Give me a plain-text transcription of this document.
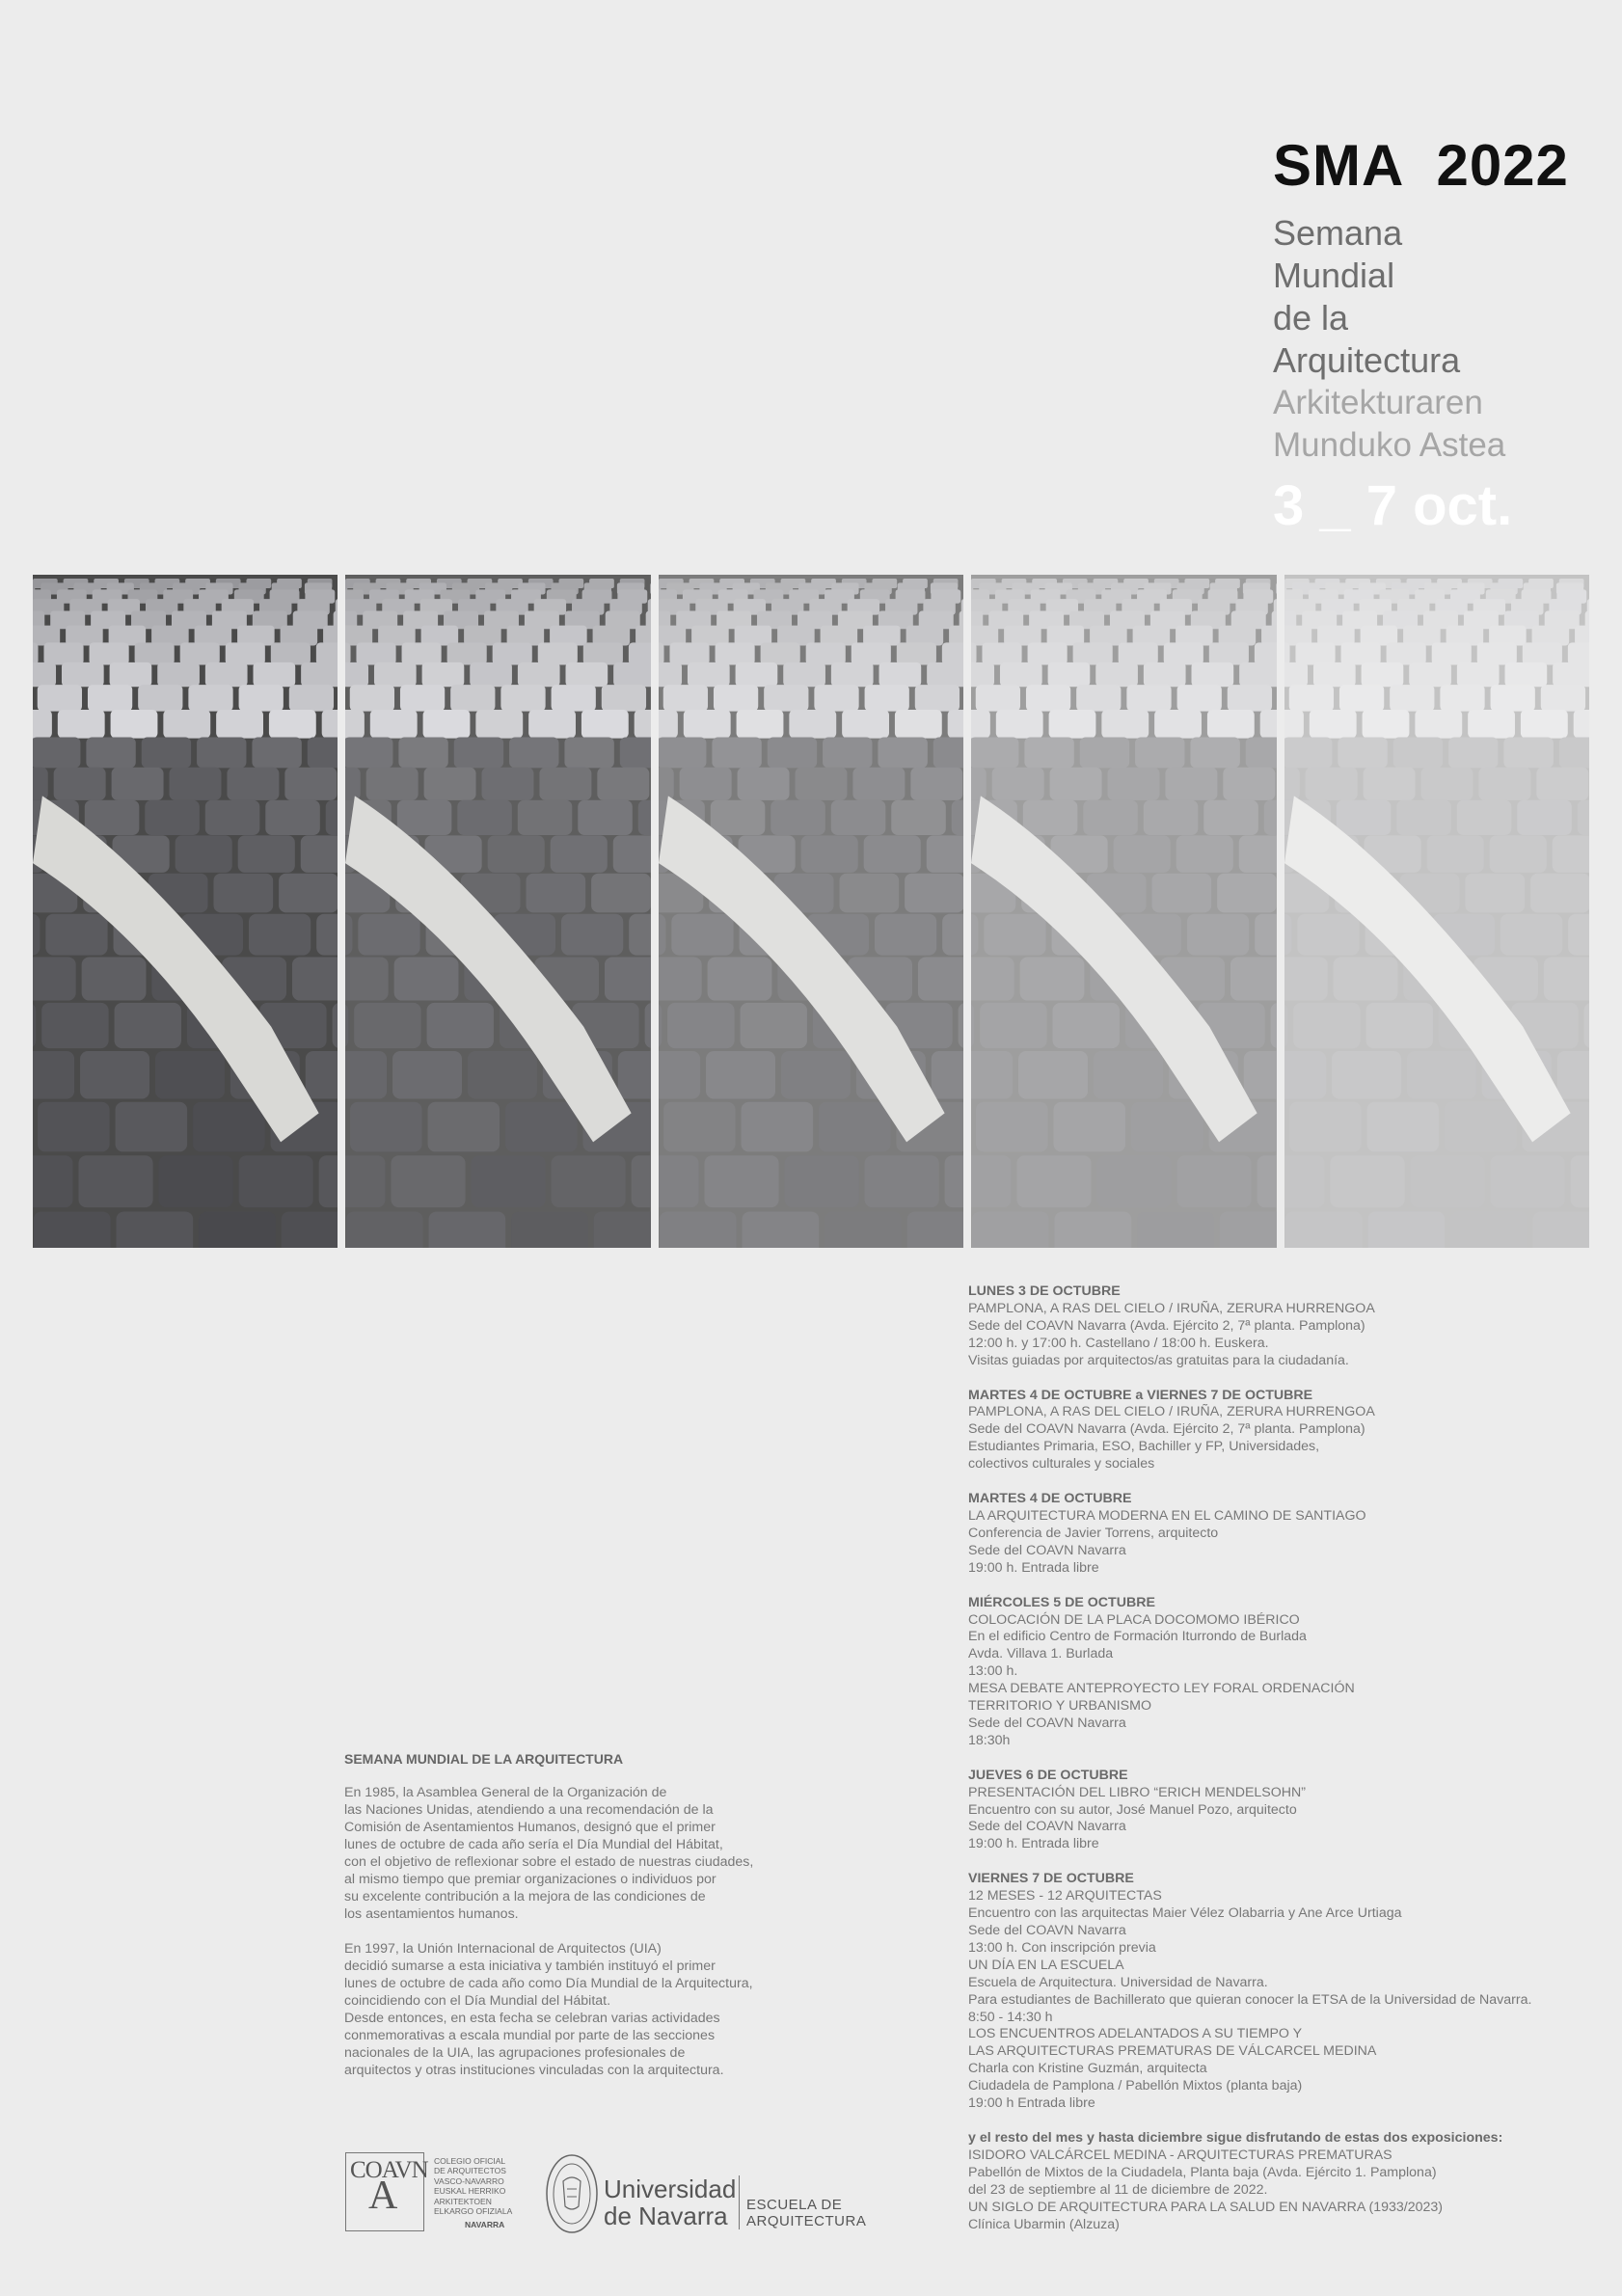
SMA  2022
Semana
Mundial
de la
Arquitectura
Arkitekturaren
Munduko Astea
3 _ 7 oct.
SEMANA MUNDIAL DE LA ARQUITECTURA

En 1985, la Asamblea General de la Organización de
las Naciones Unidas, atendiendo a una recomendación de la
Comisión de Asentamientos Humanos, designó que el primer
lunes de octubre de cada año sería el Día Mundial del Hábitat,
con el objetivo de reflexionar sobre el estado de nuestras ciudades,
al mismo tiempo que premiar organizaciones o individuos por
su excelente contribución a la mejora de las condiciones de
los asentamientos humanos.

En 1997, la Unión Internacional de Arquitectos (UIA)
decidió sumarse a esta iniciativa y también instituyó el primer
lunes de octubre de cada año como Día Mundial de la Arquitectura,
coincidiendo con el Día Mundial del Hábitat.
Desde entonces, en esta fecha se celebran varias actividades
conmemorativas a escala mundial por parte de las secciones
nacionales de la UIA, las agrupaciones profesionales de
arquitectos y otras instituciones vinculadas con la arquitectura.

LUNES 3 DE OCTUBRE
PAMPLONA, A RAS DEL CIELO / IRUÑA, ZERURA HURRENGOA
Sede del COAVN Navarra (Avda. Ejército 2, 7ª planta. Pamplona)
12:00 h. y 17:00 h. Castellano / 18:00 h. Euskera.
Visitas guiadas por arquitectos/as gratuitas para la ciudadanía.
MARTES 4 DE OCTUBRE a VIERNES 7 DE OCTUBRE
PAMPLONA, A RAS DEL CIELO / IRUÑA, ZERURA HURRENGOA
Sede del COAVN Navarra (Avda. Ejército 2, 7ª planta. Pamplona)
Estudiantes Primaria, ESO, Bachiller y FP, Universidades,
colectivos culturales y sociales
MARTES 4 DE OCTUBRE
LA ARQUITECTURA MODERNA EN EL CAMINO DE SANTIAGO
Conferencia de Javier Torrens, arquitecto
Sede del COAVN Navarra
19:00 h. Entrada libre
MIÉRCOLES 5 DE OCTUBRE
COLOCACIÓN DE LA PLACA DOCOMOMO IBÉRICO
En el edificio Centro de Formación Iturrondo de Burlada
Avda. Villava 1. Burlada
13:00 h.
MESA DEBATE ANTEPROYECTO LEY FORAL ORDENACIÓN
TERRITORIO Y URBANISMO
Sede del COAVN Navarra
18:30h
JUEVES 6 DE OCTUBRE
PRESENTACIÓN DEL LIBRO “ERICH MENDELSOHN”
Encuentro con su autor, José Manuel Pozo, arquitecto
Sede del COAVN Navarra
19:00 h. Entrada libre
VIERNES 7 DE OCTUBRE
12 MESES - 12 ARQUITECTAS
Encuentro con las arquitectas Maier Vélez Olabarria y Ane Arce Urtiaga
Sede del COAVN Navarra
13:00 h. Con inscripción previa
UN DÍA EN LA ESCUELA
Escuela de Arquitectura. Universidad de Navarra.
Para estudiantes de Bachillerato que quieran conocer la ETSA de la Universidad de Navarra.
8:50 - 14:30 h
LOS ENCUENTROS ADELANTADOS A SU TIEMPO Y
LAS ARQUITECTURAS PREMATURAS DE VÁLCARCEL MEDINA
Charla con Kristine Guzmán, arquitecta
Ciudadela de Pamplona / Pabellón Mixtos (planta baja)
19:00 h Entrada libre
y el resto del mes y hasta diciembre sigue disfrutando de estas dos exposiciones:
ISIDORO VALCÁRCEL MEDINA - ARQUITECTURAS PREMATURAS
Pabellón de Mixtos de la Ciudadela, Planta baja (Avda. Ejército 1. Pamplona)
del 23 de septiembre al 11 de diciembre de 2022.
UN SIGLO DE ARQUITECTURA PARA LA SALUD EN NAVARRA (1933/2023)
Clínica Ubarmin (Alzuza)
COAVN
A
COLEGIO OFICIAL
DE ARQUITECTOS
VASCO-NAVARRO
EUSKAL HERRIKO
ARKITEKTOEN
ELKARGO OFIZIALA
NAVARRA
Universidad
de Navarra	ESCUELA DE
ARQUITECTURA
